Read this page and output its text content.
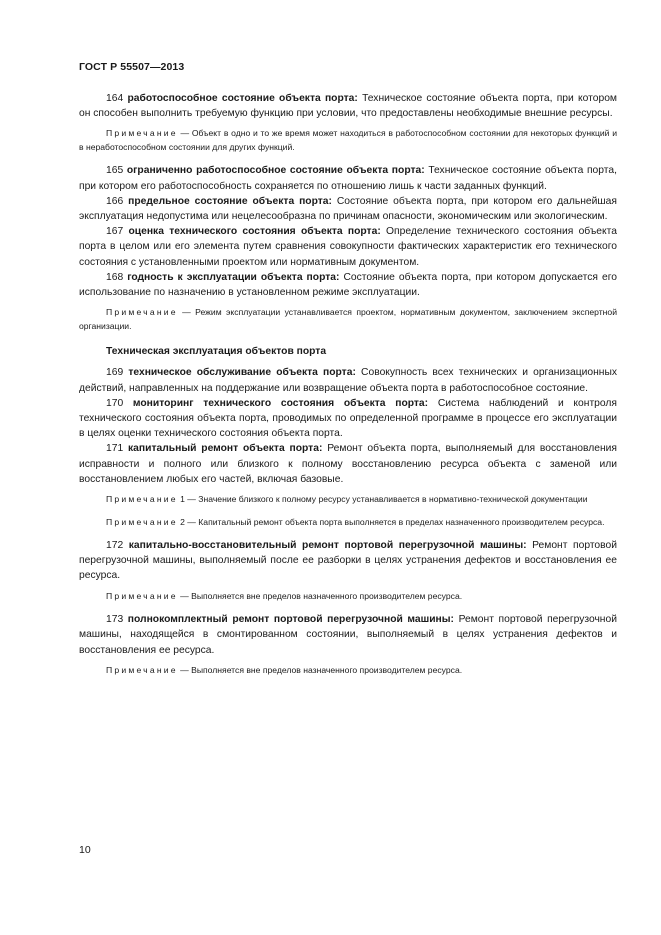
ГОСТ Р 55507—2013

164 работоспособное состояние объекта порта: Техническое состояние объекта порта, при котором он способен выполнить требуемую функцию при условии, что предоставлены необходимые внешние ресурсы.

Примечание — Объект в одно и то же время может находиться в работоспособном состоянии для некоторых функций и в неработоспособном состоянии для других функций.

165 ограниченно работоспособное состояние объекта порта: Техническое состояние объекта порта, при котором его работоспособность сохраняется по отношению лишь к части заданных функций.

166 предельное состояние объекта порта: Состояние объекта порта, при котором его дальнейшая эксплуатация недопустима или нецелесообразна по причинам опасности, экономическим или экологическим.

167 оценка технического состояния объекта порта: Определение технического состояния объекта порта в целом или его элемента путем сравнения совокупности фактических характеристик его технического состояния с установленными проектом или нормативным документом.

168 годность к эксплуатации объекта порта: Состояние объекта порта, при котором допускается его использование по назначению в установленном режиме эксплуатации.

Примечание — Режим эксплуатации устанавливается проектом, нормативным документом, заключением экспертной организации.

Техническая эксплуатация объектов порта

169 техническое обслуживание объекта порта: Совокупность всех технических и организационных действий, направленных на поддержание или возвращение объекта порта в работоспособное состояние.

170 мониторинг технического состояния объекта порта: Система наблюдений и контроля технического состояния объекта порта, проводимых по определенной программе в процессе его эксплуатации в целях оценки технического состояния объекта порта.

171 капитальный ремонт объекта порта: Ремонт объекта порта, выполняемый для восстановления исправности и полного или близкого к полному восстановлению ресурса объекта с заменой или восстановлением любых его частей, включая базовые.

Примечание 1 — Значение близкого к полному ресурсу устанавливается в нормативно-технической документации

Примечание 2 — Капитальный ремонт объекта порта выполняется в пределах назначенного производителем ресурса.

172 капитально-восстановительный ремонт портовой перегрузочной машины: Ремонт портовой перегрузочной машины, выполняемый после ее разборки в целях устранения дефектов и восстановления ее ресурса.

Примечание — Выполняется вне пределов назначенного производителем ресурса.

173 полнокомплектный ремонт портовой перегрузочной машины: Ремонт портовой перегрузочной машины, находящейся в смонтированном состоянии, выполняемый в целях устранения дефектов и восстановления ее ресурса.

Примечание — Выполняется вне пределов назначенного производителем ресурса.

10
